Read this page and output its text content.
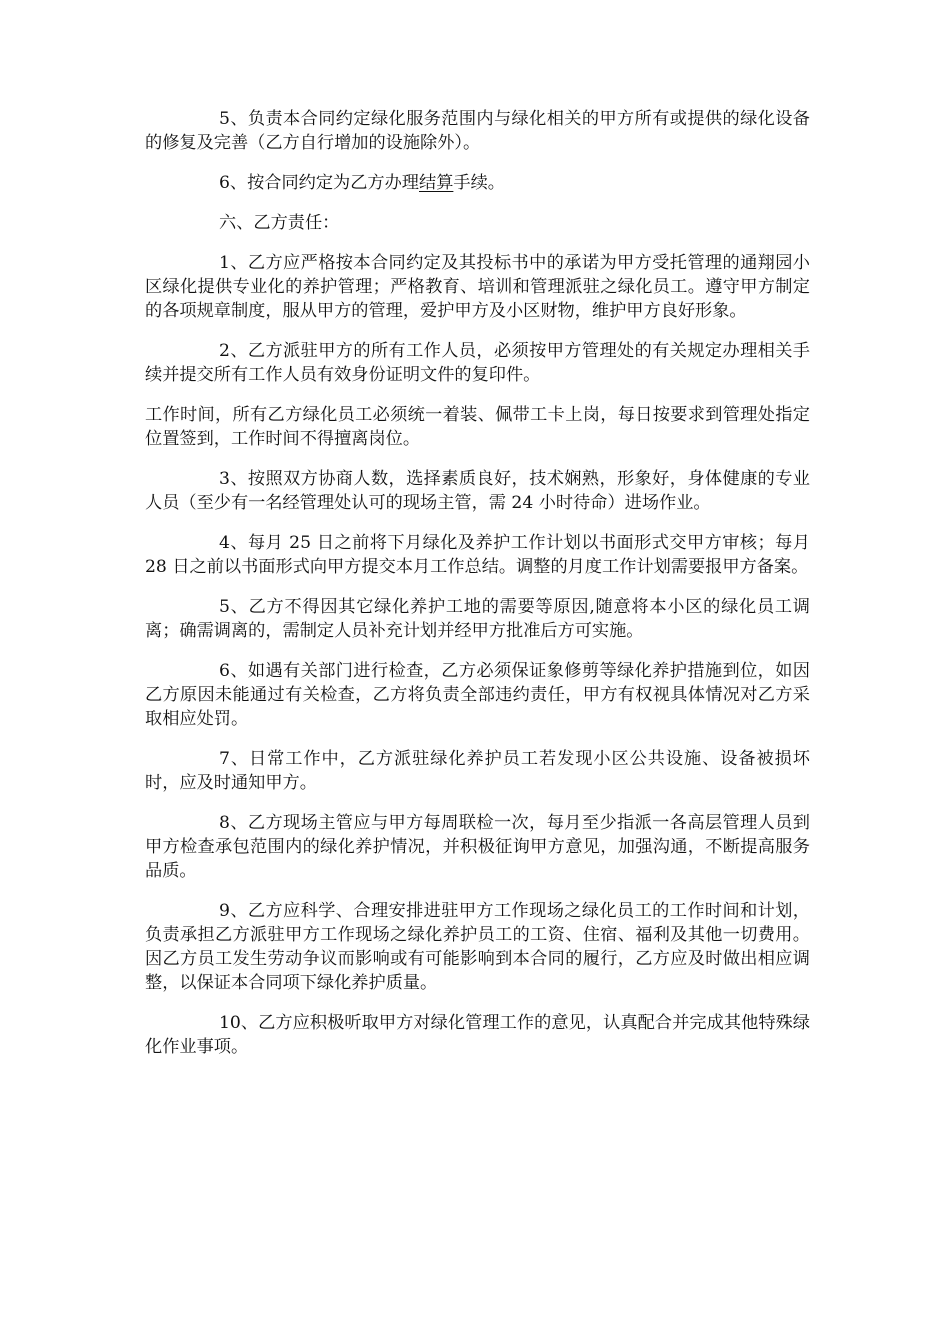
5、负责本合同约定绿化服务范围内与绿化相关的甲方所有或提供的绿化设备的修复及完善（乙方自行增加的设施除外）。

6、按合同约定为乙方办理结算手续。

六、乙方责任：

1、乙方应严格按本合同约定及其投标书中的承诺为甲方受托管理的通翔园小区绿化提供专业化的养护管理；严格教育、培训和管理派驻之绿化员工。遵守甲方制定的各项规章制度，服从甲方的管理，爱护甲方及小区财物，维护甲方良好形象。

2、乙方派驻甲方的所有工作人员，必须按甲方管理处的有关规定办理相关手续并提交所有工作人员有效身份证明文件的复印件。

工作时间，所有乙方绿化员工必须统一着装、佩带工卡上岗，每日按要求到管理处指定位置签到，工作时间不得擅离岗位。

3、按照双方协商人数，选择素质良好，技术娴熟，形象好，身体健康的专业人员（至少有一名经管理处认可的现场主管，需 24 小时待命）进场作业。

4、每月 25 日之前将下月绿化及养护工作计划以书面形式交甲方审核；每月 28 日之前以书面形式向甲方提交本月工作总结。调整的月度工作计划需要报甲方备案。

5、乙方不得因其它绿化养护工地的需要等原因,随意将本小区的绿化员工调离；确需调离的，需制定人员补充计划并经甲方批准后方可实施。

6、如遇有关部门进行检查，乙方必须保证象修剪等绿化养护措施到位，如因乙方原因未能通过有关检查，乙方将负责全部违约责任，甲方有权视具体情况对乙方采取相应处罚。

7、日常工作中，乙方派驻绿化养护员工若发现小区公共设施、设备被损坏时，应及时通知甲方。

8、乙方现场主管应与甲方每周联检一次，每月至少指派一各高层管理人员到甲方检查承包范围内的绿化养护情况，并积极征询甲方意见，加强沟通，不断提高服务品质。

9、乙方应科学、合理安排进驻甲方工作现场之绿化员工的工作时间和计划，负责承担乙方派驻甲方工作现场之绿化养护员工的工资、住宿、福利及其他一切费用。因乙方员工发生劳动争议而影响或有可能影响到本合同的履行，乙方应及时做出相应调整，以保证本合同项下绿化养护质量。

10、乙方应积极听取甲方对绿化管理工作的意见，认真配合并完成其他特殊绿化作业事项。
